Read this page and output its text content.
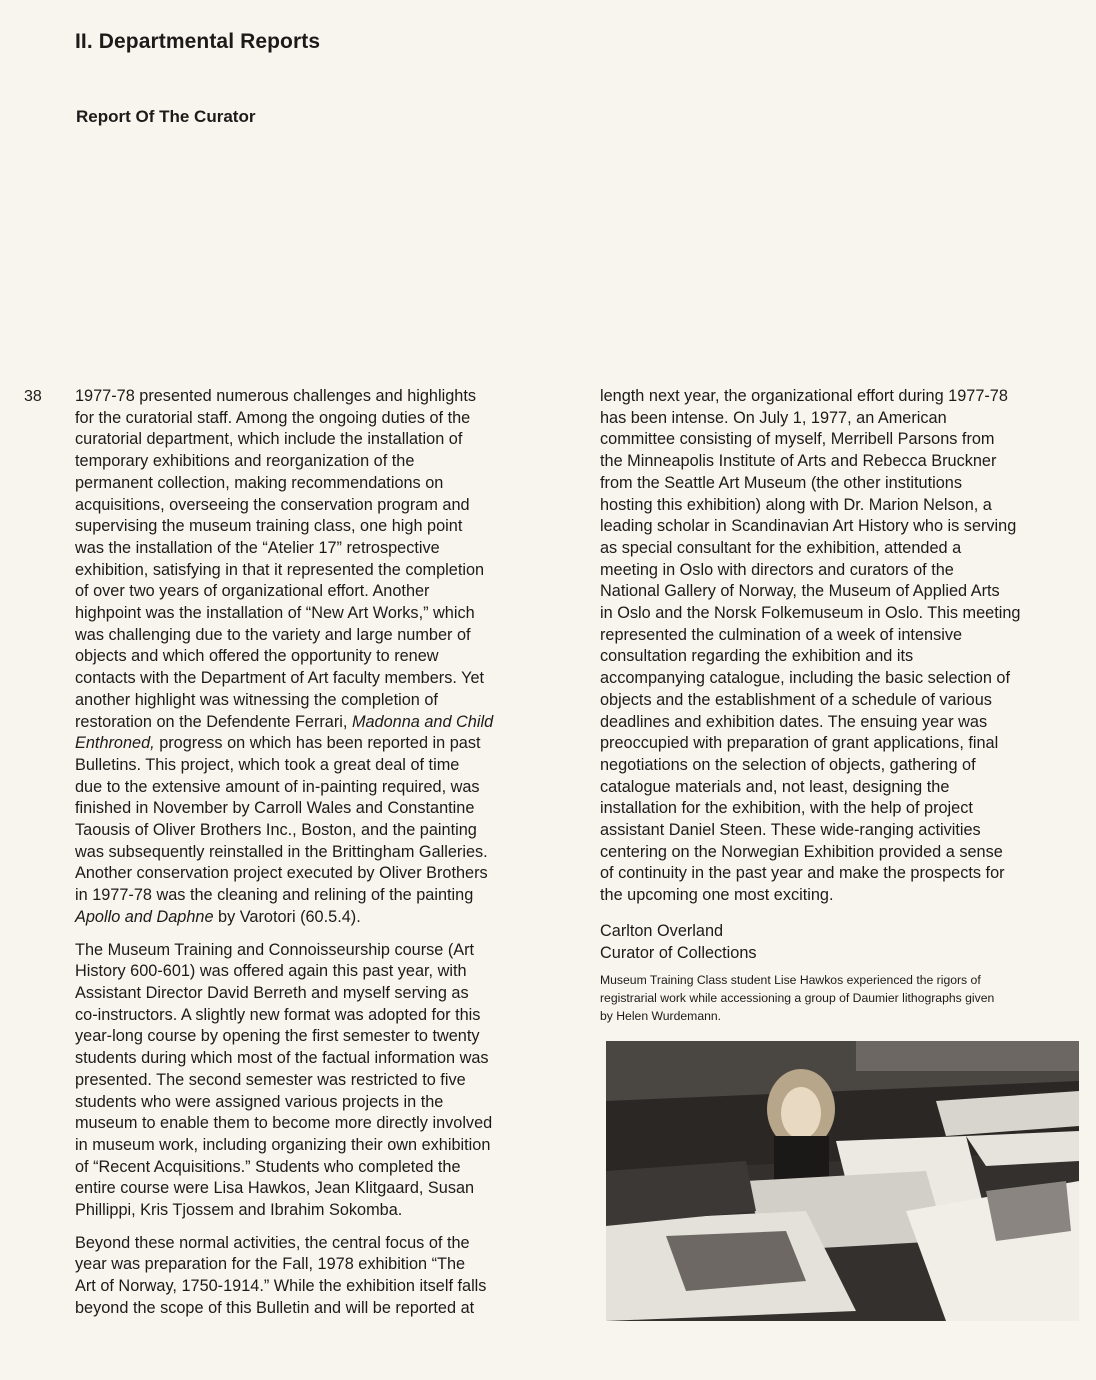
II. Departmental Reports
Report Of The Curator
38 1977-78 presented numerous challenges and highlights
for the curatorial staff. Among the ongoing duties of the
curatorial department, which include the installation of
temporary exhibitions and reorganization of the
permanent collection, making recommendations on
acquisitions, overseeing the conservation program and
supervising the museum training class, one high point
was the installation of the “Atelier 17” retrospective
exhibition, satisfying in that it represented the completion
of over two years of organizational effort. Another
highpoint was the installation of “New Art Works,” which
was challenging due to the variety and large number of
objects and which offered the opportunity to renew
contacts with the Department of Art faculty members. Yet
another highlight was witnessing the completion of
restoration on the Defendente Ferrari, Madonna and Child
Enthroned, progress on which has been reported in past
Bulletins. This project, which took a great deal of time
due to the extensive amount of in-painting required, was
finished in November by Carroll Wales and Constantine
Taousis of Oliver Brothers Inc., Boston, and the painting
was subsequently reinstalled in the Brittingham Galleries.
Another conservation project executed by Oliver Brothers
in 1977-78 was the cleaning and relining of the painting
Apollo and Daphne by Varotori (60.5.4).

The Museum Training and Connoisseurship course (Art
History 600-601) was offered again this past year, with
Assistant Director David Berreth and myself serving as
co-instructors. A slightly new format was adopted for this
year-long course by opening the first semester to twenty
students during which most of the factual information was
presented. The second semester was restricted to five
students who were assigned various projects in the
museum to enable them to become more directly involved
in museum work, including organizing their own exhibition
of “Recent Acquisitions.” Students who completed the
entire course were Lisa Hawkos, Jean Klitgaard, Susan
Phillippi, Kris Tjossem and Ibrahim Sokomba.

Beyond these normal activities, the central focus of the
year was preparation for the Fall, 1978 exhibition “The
Art of Norway, 1750-1914.” While the exhibition itself falls
beyond the scope of this Bulletin and will be reported at

length next year, the organizational effort during 1977-78
has been intense. On July 1, 1977, an American
committee consisting of myself, Merribell Parsons from
the Minneapolis Institute of Arts and Rebecca Bruckner
from the Seattle Art Museum (the other institutions
hosting this exhibition) along with Dr. Marion Nelson, a
leading scholar in Scandinavian Art History who is serving
as special consultant for the exhibition, attended a
meeting in Oslo with directors and curators of the
National Gallery of Norway, the Museum of Applied Arts
in Oslo and the Norsk Folkemuseum in Oslo. This meeting
represented the culmination of a week of intensive
consultation regarding the exhibition and its
accompanying catalogue, including the basic selection of
objects and the establishment of a schedule of various
deadlines and exhibition dates. The ensuing year was
preoccupied with preparation of grant applications, final
negotiations on the selection of objects, gathering of
catalogue materials and, not least, designing the
installation for the exhibition, with the help of project
assistant Daniel Steen. These wide-ranging activities
centering on the Norwegian Exhibition provided a sense
of continuity in the past year and make the prospects for
the upcoming one most exciting.

Carlton Overland
Curator of Collections
Museum Training Class student Lise Hawkos experienced the rigors of
registrarial work while accessioning a group of Daumier lithographs given
by Helen Wurdemann.
